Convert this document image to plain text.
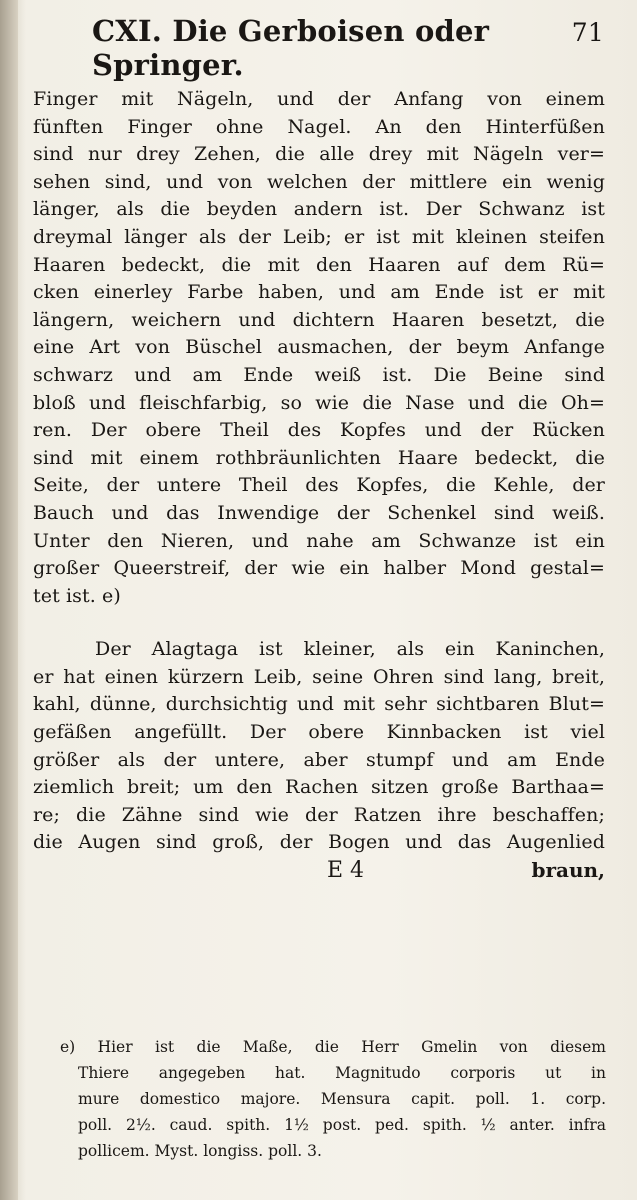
CXI. Die Gerboisen oder Springer.
71
Finger mit Nägeln, und der Anfang von einem
fünften Finger ohne Nagel. An den Hinterfüßen
sind nur drey Zehen, die alle drey mit Nägeln ver=
sehen sind, und von welchen der mittlere ein wenig
länger, als die beyden andern ist. Der Schwanz ist
dreymal länger als der Leib; er ist mit kleinen steifen
Haaren bedeckt, die mit den Haaren auf dem Rü=
cken einerley Farbe haben, und am Ende ist er mit
längern, weichern und dichtern Haaren besetzt, die
eine Art von Büschel ausmachen, der beym Anfange
schwarz und am Ende weiß ist. Die Beine sind
bloß und fleischfarbig, so wie die Nase und die Oh=
ren. Der obere Theil des Kopfes und der Rücken
sind mit einem rothbräunlichten Haare bedeckt, die
Seite, der untere Theil des Kopfes, die Kehle, der
Bauch und das Inwendige der Schenkel sind weiß.
Unter den Nieren, und nahe am Schwanze ist ein
großer Queerstreif, der wie ein halber Mond gestal=
tet ist. e)
Der Alagtaga ist kleiner, als ein Kaninchen,
er hat einen kürzern Leib, seine Ohren sind lang, breit,
kahl, dünne, durchsichtig und mit sehr sichtbaren Blut=
gefäßen angefüllt. Der obere Kinnbacken ist viel
größer als der untere, aber stumpf und am Ende
ziemlich breit; um den Rachen sitzen große Barthaa=
re; die Zähne sind wie der Ratzen ihre beschaffen;
die Augen sind groß, der Bogen und das Augenlied
E 4	braun,
e) Hier ist die Maße, die Herr Gmelin von diesem
Thiere angegeben hat. Magnitudo corporis ut in
mure domestico majore. Mensura capit. poll. 1. corp.
poll. 2½. caud. spith. 1½ post. ped. spith. ½ anter. infra
pollicem. Myst. longiss. poll. 3.
